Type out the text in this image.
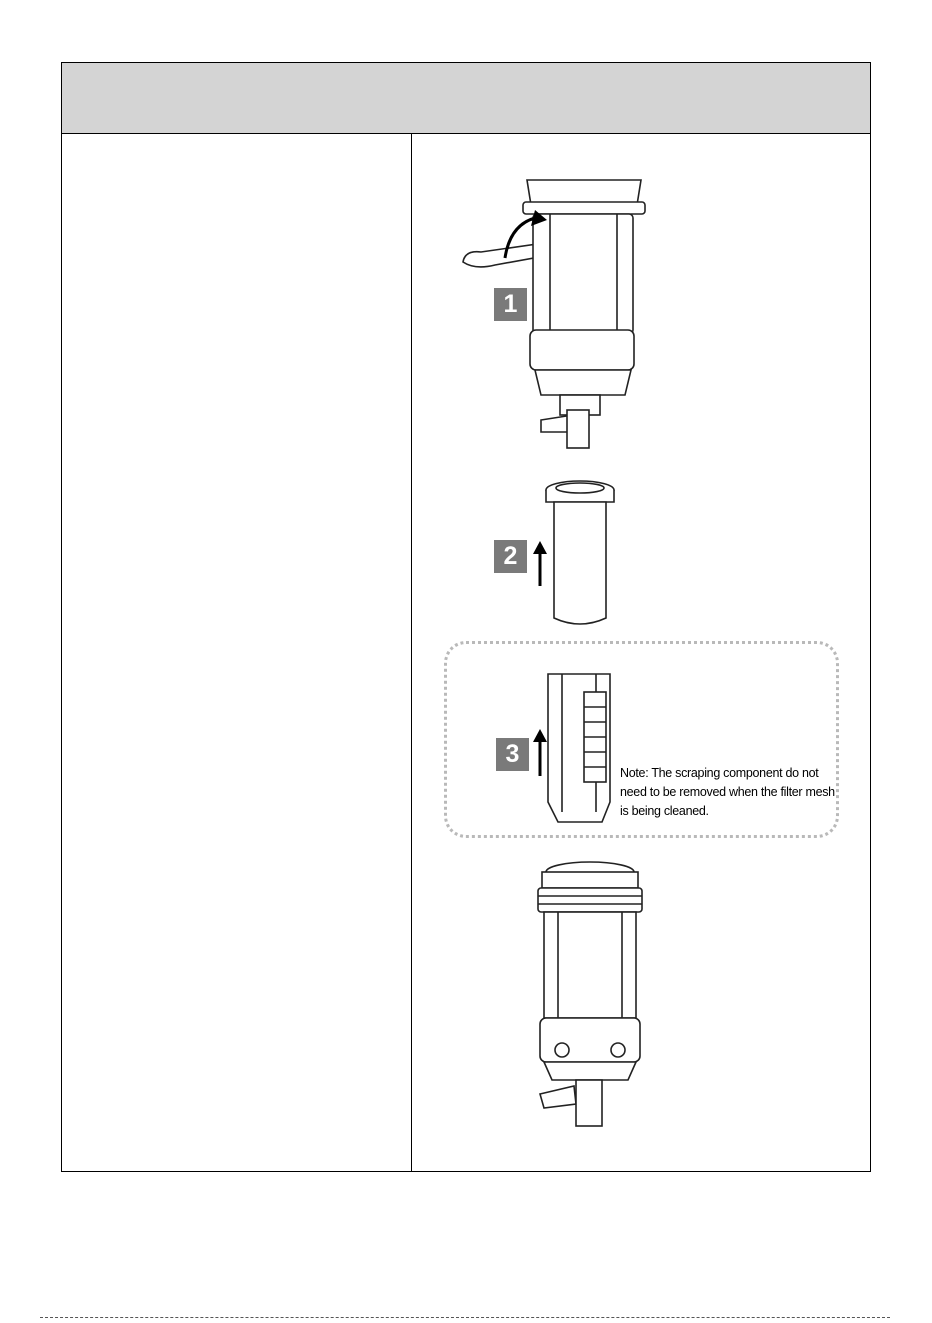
1
2
3
Note: The scraping component do not need to be removed when the filter mesh is being cleaned.
